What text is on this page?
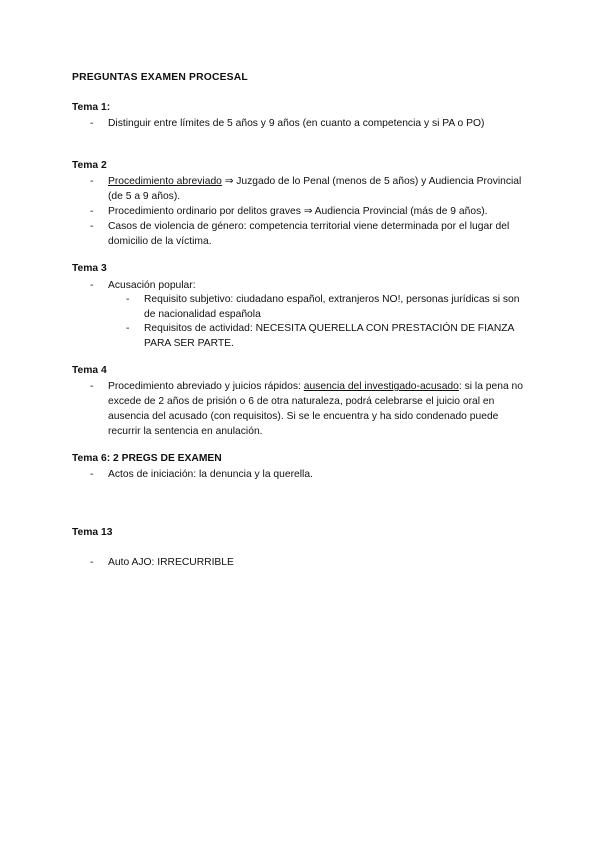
PREGUNTAS EXAMEN PROCESAL
Tema 1:
- Distinguir entre límites de 5 años y 9 años (en cuanto a competencia y si PA o PO)
Tema 2
- Procedimiento abreviado ⇒ Juzgado de lo Penal (menos de 5 años) y Audiencia Provincial (de 5 a 9 años).
- Procedimiento ordinario por delitos graves ⇒ Audiencia Provincial (más de 9 años).
- Casos de violencia de género: competencia territorial viene determinada por el lugar del domicilio de la víctima.
Tema 3
- Acusación popular:
- Requisito subjetivo: ciudadano español, extranjeros NO!, personas jurídicas si son de nacionalidad española
- Requisitos de actividad: NECESITA QUERELLA CON PRESTACIÓN DE FIANZA PARA SER PARTE.
Tema 4
- Procedimiento abreviado y juicios rápidos: ausencia del investigado-acusado: si la pena no excede de 2 años de prisión o 6 de otra naturaleza, podrá celebrarse el juicio oral en ausencia del acusado (con requisitos). Si se le encuentra y ha sido condenado puede recurrir la sentencia en anulación.
Tema 6: 2 PREGS DE EXAMEN
- Actos de iniciación: la denuncia y la querella.
Tema 13
- Auto AJO: IRRECURRIBLE
